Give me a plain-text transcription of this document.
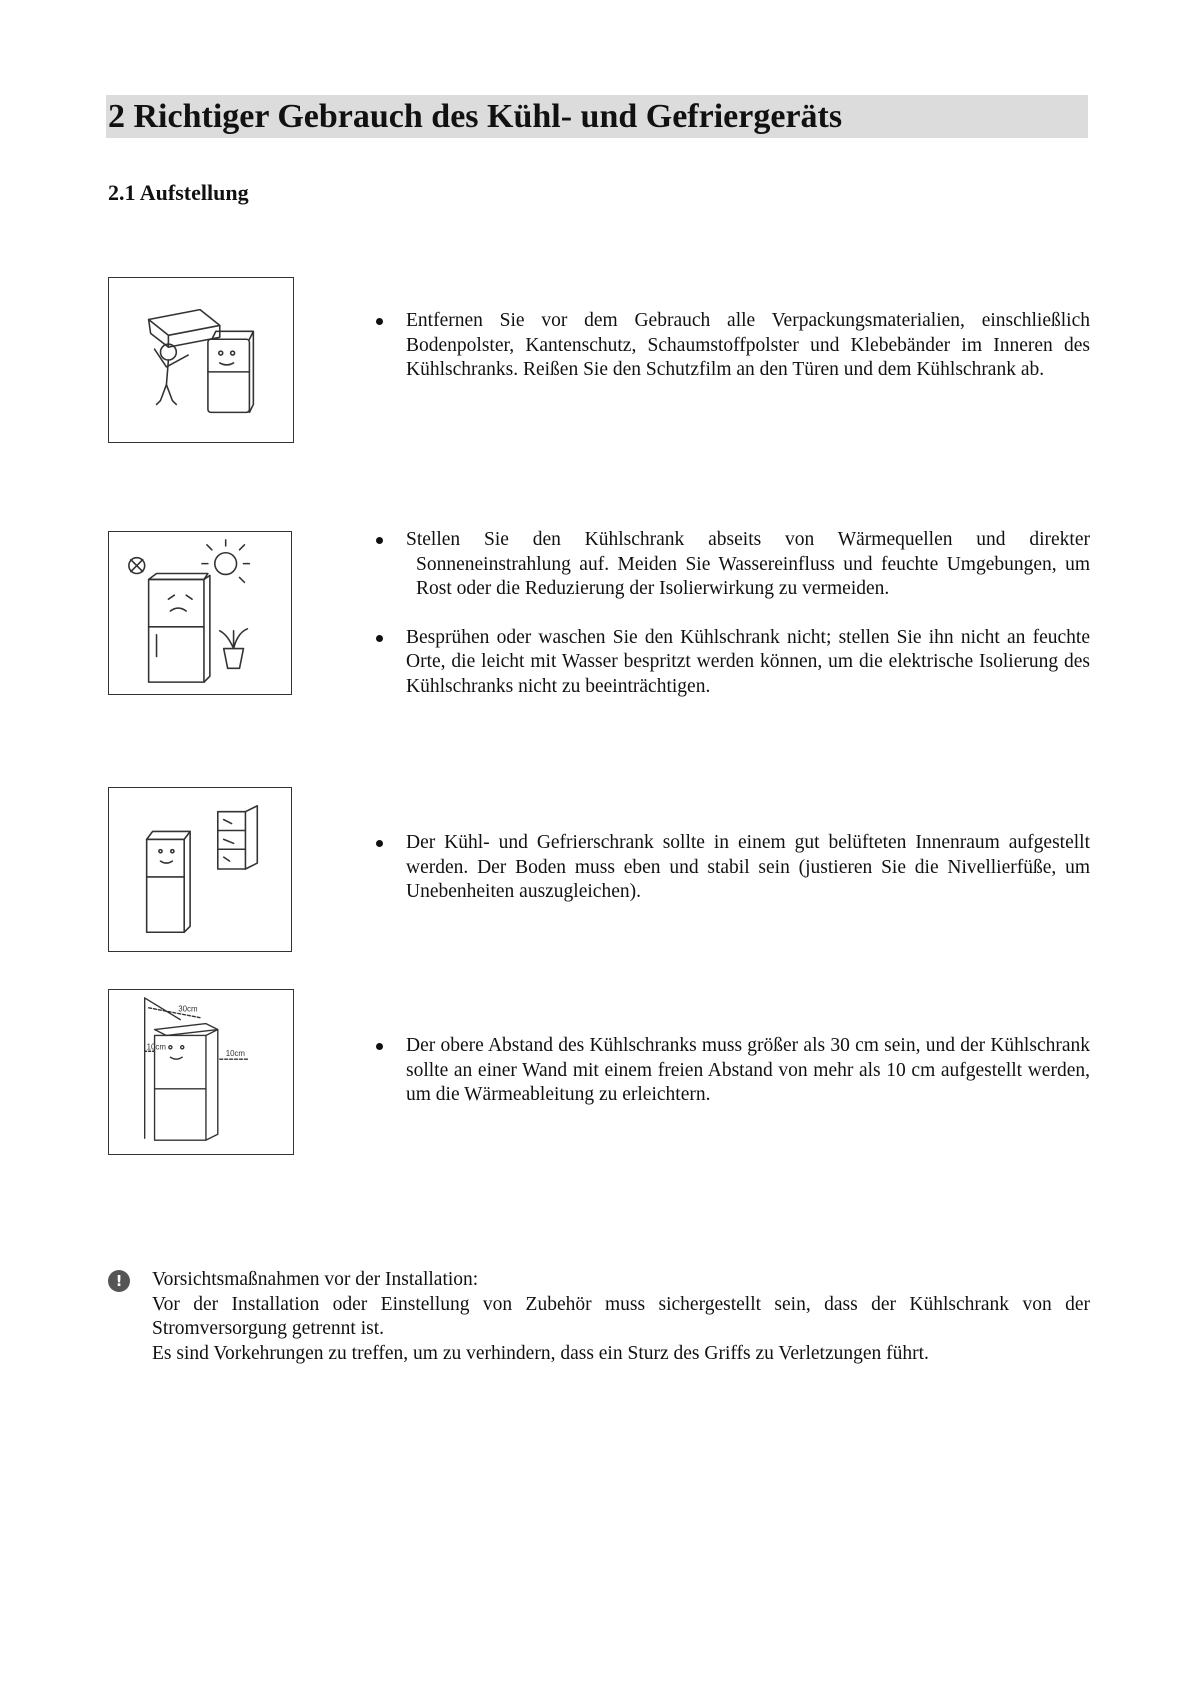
2 Richtiger Gebrauch des Kühl- und Gefriergeräts
2.1 Aufstellung
30cm
10cm
10cm
Entfernen Sie vor dem Gebrauch alle Verpackungsmaterialien, einschließlich Bodenpolster, Kantenschutz, Schaumstoffpolster und Klebebänder im Inneren des Kühlschranks. Reißen Sie den Schutzfilm an den Türen und dem Kühlschrank ab.

Stellen Sie den Kühlschrank abseits von Wärmequellen und direkter

Sonneneinstrahlung auf. Meiden Sie Wassereinfluss und feuchte Umgebungen, um Rost oder die Reduzierung der Isolierwirkung zu vermeiden.

Besprühen oder waschen Sie den Kühlschrank nicht; stellen Sie ihn nicht an feuchte Orte, die leicht mit Wasser bespritzt werden können, um die elektrische Isolierung des Kühlschranks nicht zu beeinträchtigen.
Der Kühl- und Gefrierschrank sollte in einem gut belüfteten Innenraum aufgestellt werden. Der Boden muss eben und stabil sein (justieren Sie die Nivellierfüße, um Unebenheiten auszugleichen).
Der obere Abstand des Kühlschranks muss größer als 30 cm sein, und der Kühlschrank sollte an einer Wand mit einem freien Abstand von mehr als 10 cm aufgestellt werden, um die Wärmeableitung zu erleichtern.
!	Vorsichtsmaßnahmen vor der Installation:
Vor der Installation oder Einstellung von Zubehör muss sichergestellt sein, dass der Kühlschrank von der Stromversorgung getrennt ist.
Es sind Vorkehrungen zu treffen, um zu verhindern, dass ein Sturz des Griffs zu Verletzungen führt.
